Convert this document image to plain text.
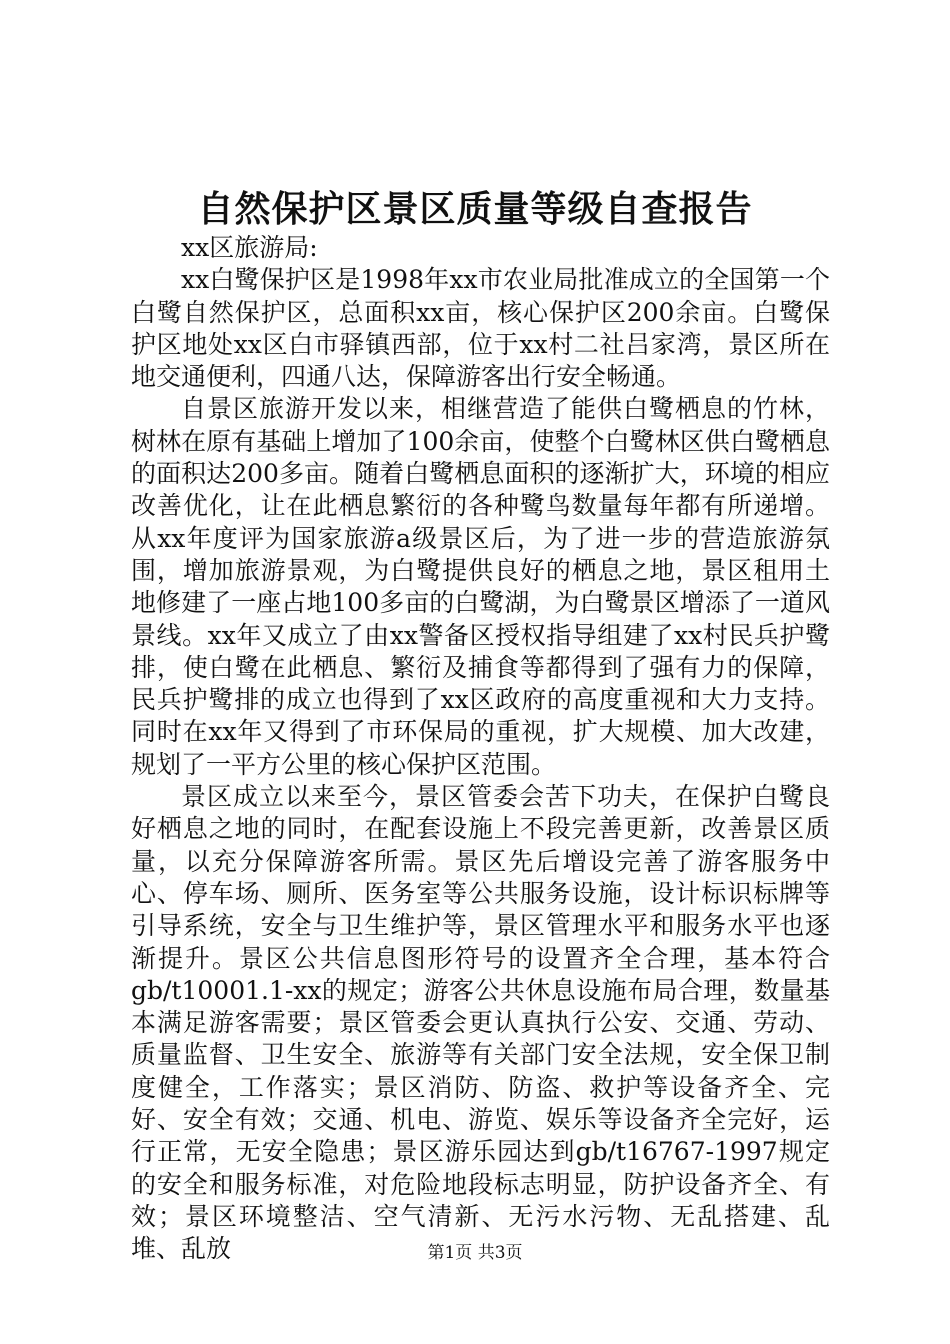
自然保护区景区质量等级自查报告

xx区旅游局:

xx白鹭保护区是1998年xx市农业局批准成立的全国第一个白鹭自然保护区，总面积xx亩，核心保护区200余亩。白鹭保护区地处xx区白市驿镇西部，位于xx村二社吕家湾，景区所在地交通便利，四通八达，保障游客出行安全畅通。

自景区旅游开发以来，相继营造了能供白鹭栖息的竹林，树林在原有基础上增加了100余亩，使整个白鹭林区供白鹭栖息的面积达200多亩。随着白鹭栖息面积的逐渐扩大，环境的相应改善优化，让在此栖息繁衍的各种鹭鸟数量每年都有所递增。从xx年度评为国家旅游a级景区后，为了进一步的营造旅游氛围，增加旅游景观，为白鹭提供良好的栖息之地，景区租用土地修建了一座占地100多亩的白鹭湖，为白鹭景区增添了一道风景线。xx年又成立了由xx警备区授权指导组建了xx村民兵护鹭排，使白鹭在此栖息、繁衍及捕食等都得到了强有力的保障，民兵护鹭排的成立也得到了xx区政府的高度重视和大力支持。同时在xx年又得到了市环保局的重视，扩大规模、加大改建，规划了一平方公里的核心保护区范围。

景区成立以来至今，景区管委会苦下功夫，在保护白鹭良好栖息之地的同时，在配套设施上不段完善更新，改善景区质量，以充分保障游客所需。景区先后增设完善了游客服务中心、停车场、厕所、医务室等公共服务设施，设计标识标牌等引导系统，安全与卫生维护等，景区管理水平和服务水平也逐渐提升。景区公共信息图形符号的设置齐全合理，基本符合gb/t10001.1-xx的规定；游客公共休息设施布局合理，数量基本满足游客需要；景区管委会更认真执行公安、交通、劳动、质量监督、卫生安全、旅游等有关部门安全法规，安全保卫制度健全，工作落实；景区消防、防盗、救护等设备齐全、完好、安全有效；交通、机电、游览、娱乐等设备齐全完好，运行正常，无安全隐患；景区游乐园达到gb/t16767-1997规定的安全和服务标准，对危险地段标志明显，防护设备齐全、有效；景区环境整洁、空气清新、无污水污物、无乱搭建、乱堆、乱放	第1页 共3页
